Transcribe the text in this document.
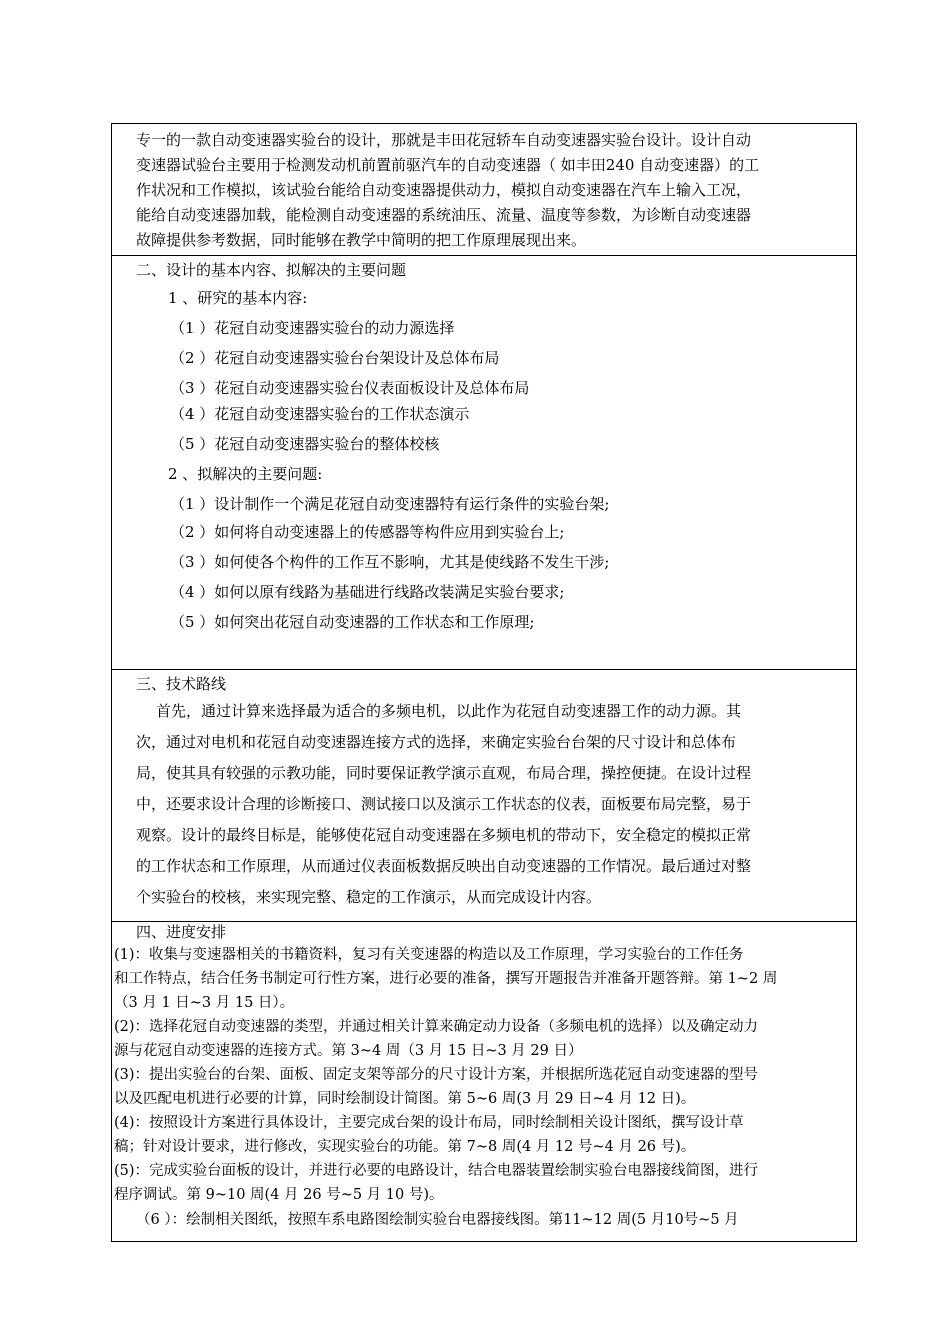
专一的一款自动变速器实验台的设计，那就是丰田花冠轿车自动变速器实验台设计。设计自动
变速器试验台主要用于检测发动机前置前驱汽车的自动变速器（ 如丰田240 自动变速器）的工
作状况和工作模拟，该试验台能给自动变速器提供动力，模拟自动变速器在汽车上输入工况，
能给自动变速器加载，能检测自动变速器的系统油压、流量、温度等参数，为诊断自动变速器
故障提供参考数据，同时能够在教学中简明的把工作原理展现出来。
二、设计的基本内容、拟解决的主要问题
1 、研究的基本内容:
（1 ）花冠自动变速器实验台的动力源选择
（2 ）花冠自动变速器实验台台架设计及总体布局
（3 ）花冠自动变速器实验台仪表面板设计及总体布局
（4 ）花冠自动变速器实验台的工作状态演示
（5 ）花冠自动变速器实验台的整体校核
2 、拟解决的主要问题:
（1 ）设计制作一个满足花冠自动变速器特有运行条件的实验台架;
（2 ）如何将自动变速器上的传感器等构件应用到实验台上;
（3 ）如何使各个构件的工作互不影响，尤其是使线路不发生干涉;
（4 ）如何以原有线路为基础进行线路改装满足实验台要求;
（5 ）如何突出花冠自动变速器的工作状态和工作原理;
三、技术路线
首先，通过计算来选择最为适合的多频电机，以此作为花冠自动变速器工作的动力源。其
次，通过对电机和花冠自动变速器连接方式的选择，来确定实验台台架的尺寸设计和总体布
局，使其具有较强的示教功能，同时要保证教学演示直观，布局合理，操控便捷。在设计过程
中，还要求设计合理的诊断接口、测试接口以及演示工作状态的仪表，面板要布局完整，易于
观察。设计的最终目标是，能够使花冠自动变速器在多频电机的带动下，安全稳定的模拟正常
的工作状态和工作原理，从而通过仪表面板数据反映出自动变速器的工作情况。最后通过对整
个实验台的校核，来实现完整、稳定的工作演示，从而完成设计内容。
四、进度安排
(1)：收集与变速器相关的书籍资料，复习有关变速器的构造以及工作原理，学习实验台的工作任务
和工作特点，结合任务书制定可行性方案，进行必要的准备，撰写开题报告并准备开题答辩。第 1~2 周
（3 月 1 日~3 月 15 日）。
(2)：选择花冠自动变速器的类型，并通过相关计算来确定动力设备（多频电机的选择）以及确定动力
源与花冠自动变速器的连接方式。第 3~4 周（3 月 15 日~3 月 29 日）
(3)：提出实验台的台架、面板、固定支架等部分的尺寸设计方案，并根据所选花冠自动变速器的型号
以及匹配电机进行必要的计算，同时绘制设计简图。第 5~6 周(3 月 29 日~4 月 12 日)。
(4)：按照设计方案进行具体设计，主要完成台架的设计布局，同时绘制相关设计图纸，撰写设计草
稿；针对设计要求，进行修改，实现实验台的功能。第 7~8 周(4 月 12 号~4 月 26 号)。
(5)：完成实验台面板的设计，并进行必要的电路设计，结合电器装置绘制实验台电器接线简图，进行
程序调试。第 9~10 周(4 月 26 号~5 月 10 号)。
（6 ）：绘制相关图纸，按照车系电路图绘制实验台电器接线图。第11~12 周(5 月10号~5 月
